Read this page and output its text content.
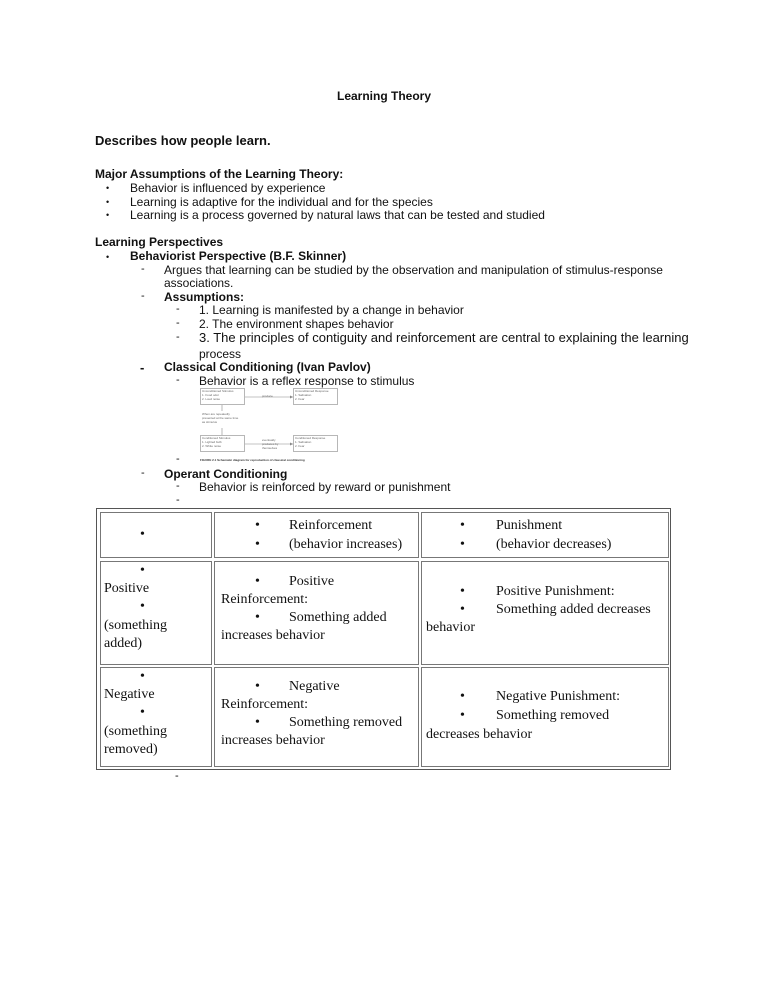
Learning Theory
Describes how people learn.
Major Assumptions of the Learning Theory:
• Behavior is influenced by experience
• Learning is adaptive for the individual and for the species
• Learning is a process governed by natural laws that can be tested and studied
Learning Perspectives
• Behaviorist Perspective (B.F. Skinner)
- Argues that learning can be studied by the observation and manipulation of stimulus-response
associations.
- Assumptions:
- 1. Learning is manifested by a change in behavior
- 2. The environment shapes behavior
- 3. The principles of contiguity and reinforcement are central to explaining the learning
process
- Classical Conditioning (Ivan Pavlov)
- Behavior is a reflex response to stimulus
Unconditioned Stimulus
1. Food odor
2. Loud noise
produce
Unconditioned Response
1. Salivation
2. Fear
When are repeatedly
presented at the same time
as stimulus
Conditioned Stimulus
1. Lighted bulb
2. White noise
eventually
produces by
themselves
Conditioned Response
1. Salivation
2. Fear
FIGURE 2.1 Schematic diagram for reproduction of classical conditioning
-
- Operant Conditioning
- Behavior is reinforced by reward or punishment
-
•
• Reinforcement
• (behavior increases)
• Punishment
• (behavior decreases)
•
Positive
•
(something
added)
• Positive
Reinforcement:
• Something added
increases behavior
• Positive Punishment:
• Something added decreases
behavior
•
Negative
•
(something
removed)
• Negative
Reinforcement:
• Something removed
increases behavior
• Negative Punishment:
• Something removed
decreases behavior
-
